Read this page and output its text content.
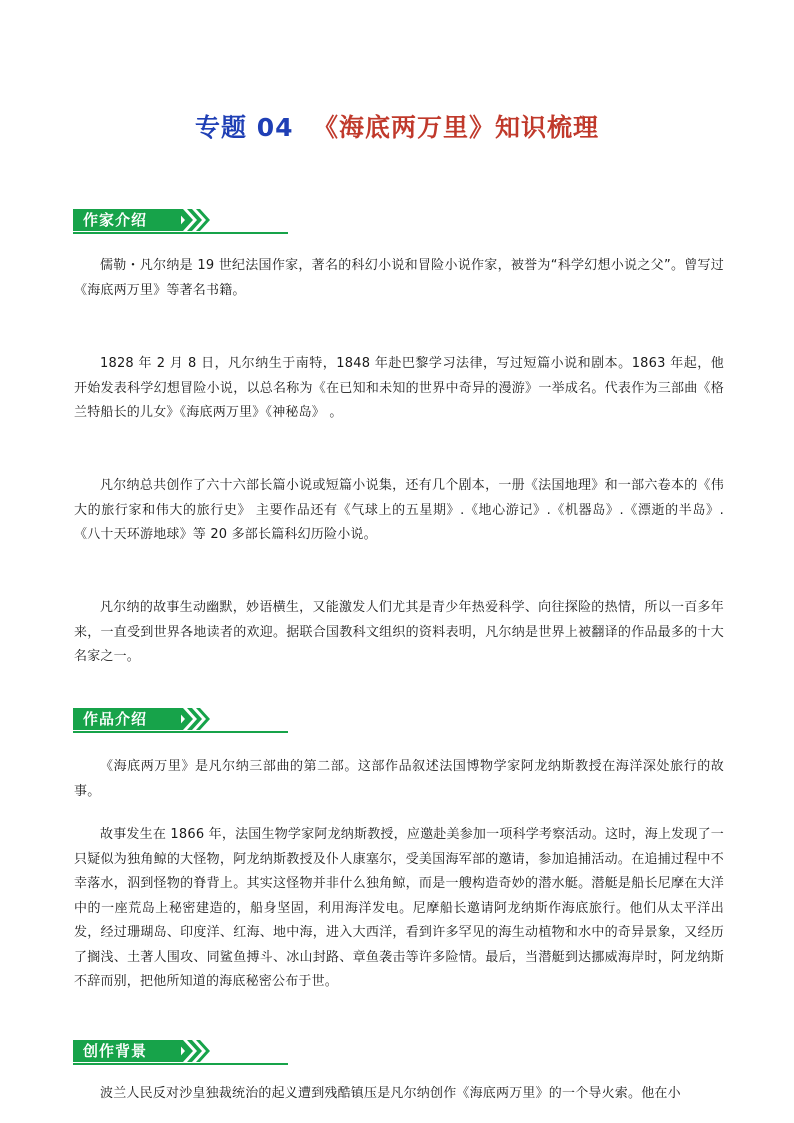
专题 04 《海底两万里》知识梳理
作家介绍

儒勒・凡尔纳是 19 世纪法国作家，著名的科幻小说和冒险小说作家，被誉为“科学幻想小说之父”。曾写过《海底两万里》等著名书籍。

1828 年 2 月 8 日，凡尔纳生于南特，1848 年赴巴黎学习法律，写过短篇小说和剧本。1863 年起，他开始发表科学幻想冒险小说，以总名称为《在已知和未知的世界中奇异的漫游》一举成名。代表作为三部曲《格兰特船长的儿女》《海底两万里》《神秘岛》 。

凡尔纳总共创作了六十六部长篇小说或短篇小说集，还有几个剧本，一册《法国地理》和一部六卷本的《伟大的旅行家和伟大的旅行史》 主要作品还有《气球上的五星期》.《地心游记》.《机器岛》.《漂逝的半岛》.《八十天环游地球》等 20 多部长篇科幻历险小说。

凡尔纳的故事生动幽默，妙语横生，又能激发人们尤其是青少年热爱科学、向往探险的热情，所以一百多年来，一直受到世界各地读者的欢迎。据联合国教科文组织的资料表明，凡尔纳是世界上被翻译的作品最多的十大名家之一。

作品介绍

《海底两万里》是凡尔纳三部曲的第二部。这部作品叙述法国博物学家阿龙纳斯教授在海洋深处旅行的故事。

故事发生在 1866 年，法国生物学家阿龙纳斯教授，应邀赴美参加一项科学考察活动。这时，海上发现了一只疑似为独角鲸的大怪物，阿龙纳斯教授及仆人康塞尔，受美国海军部的邀请，参加追捕活动。在追捕过程中不幸落水，泅到怪物的脊背上。其实这怪物并非什么独角鲸，而是一艘构造奇妙的潜水艇。潜艇是船长尼摩在大洋中的一座荒岛上秘密建造的，船身坚固，利用海洋发电。尼摩船长邀请阿龙纳斯作海底旅行。他们从太平洋出发，经过珊瑚岛、印度洋、红海、地中海，进入大西洋，看到许多罕见的海生动植物和水中的奇异景象，又经历了搁浅、土著人围攻、同鲨鱼搏斗、冰山封路、章鱼袭击等许多险情。最后，当潜艇到达挪威海岸时，阿龙纳斯不辞而别，把他所知道的海底秘密公布于世。

创作背景

波兰人民反对沙皇独裁统治的起义遭到残酷镇压是凡尔纳创作《海底两万里》的一个导火索。他在小
